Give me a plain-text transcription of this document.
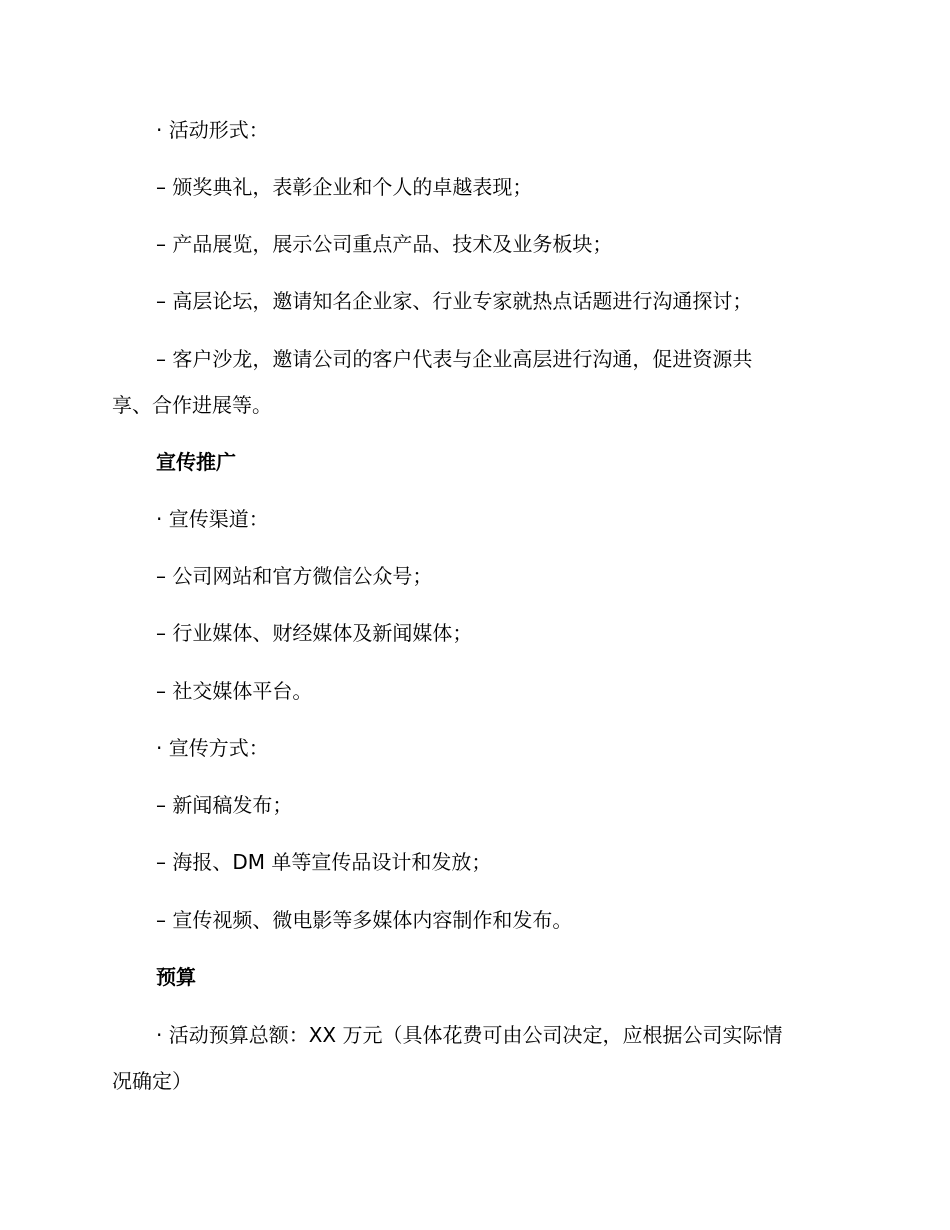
· 活动形式：
– 颁奖典礼，表彰企业和个人的卓越表现；
– 产品展览，展示公司重点产品、技术及业务板块；
– 高层论坛，邀请知名企业家、行业专家就热点话题进行沟通探讨；
– 客户沙龙，邀请公司的客户代表与企业高层进行沟通，促进资源共
享、合作进展等。
宣传推广
· 宣传渠道：
– 公司网站和官方微信公众号；
– 行业媒体、财经媒体及新闻媒体；
– 社交媒体平台。
· 宣传方式：
– 新闻稿发布；
– 海报、DM 单等宣传品设计和发放；
– 宣传视频、微电影等多媒体内容制作和发布。
预算
· 活动预算总额：XX 万元（具体花费可由公司决定，应根据公司实际情
况确定）
